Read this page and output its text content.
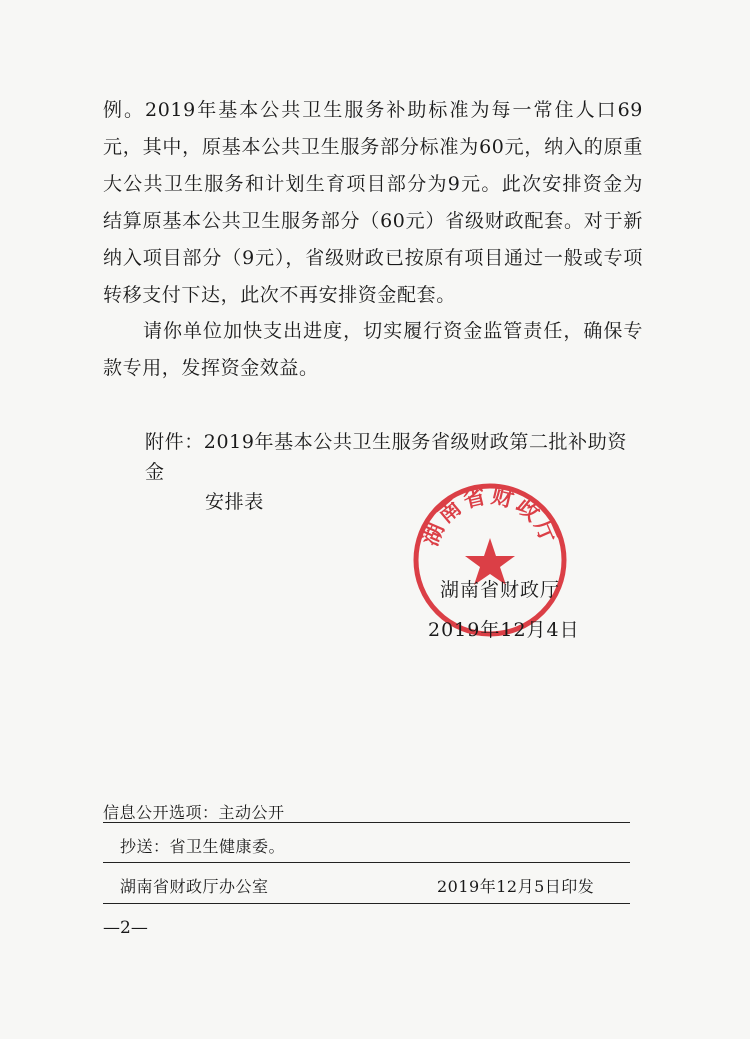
例。2019年基本公共卫生服务补助标准为每一常住人口69元，其中，原基本公共卫生服务部分标准为60元，纳入的原重大公共卫生服务和计划生育项目部分为9元。此次安排资金为结算原基本公共卫生服务部分（60元）省级财政配套。对于新纳入项目部分（9元），省级财政已按原有项目通过一般或专项转移支付下达，此次不再安排资金配套。

请你单位加快支出进度，切实履行资金监管责任，确保专款专用，发挥资金效益。

附件：2019年基本公共卫生服务省级财政第二批补助资金
安排表
湖南省财政厅
湖南省财政厅
2019年12月4日
信息公开选项：主动公开
抄送：省卫生健康委。
湖南省财政厅办公室	2019年12月5日印发
—2—
